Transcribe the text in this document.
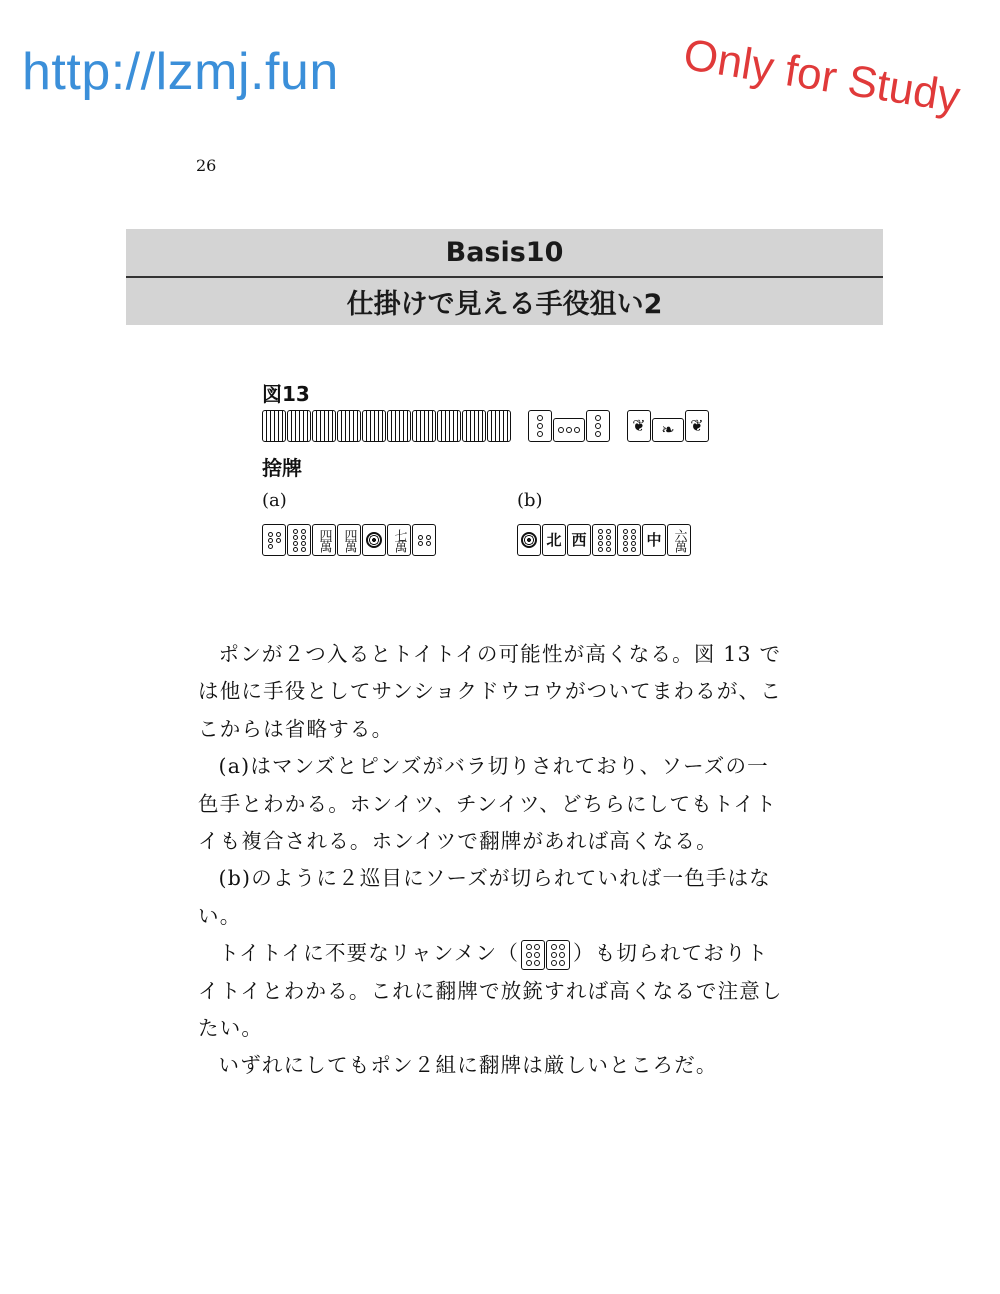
http://lzmj.fun	Only for Study
26
Basis10
仕掛けで見える手役狙い2
図13
❦ ❧ ❦
捨牌
(a)	(b)
四萬 四萬	七萬	北 西	中 六萬

ポンが２つ入るとトイトイの可能性が高くなる。図 13 では他に手役としてサンショクドウコウがついてまわるが、ここからは省略する。

(a)はマンズとピンズがバラ切りされており、ソーズの一色手とわかる。ホンイツ、チンイツ、どちらにしてもトイトイも複合される。ホンイツで翻牌があれば高くなる。

(b)のように２巡目にソーズが切られていれば一色手はない。

トイトイに不要なリャンメン（	）も切られておりトイトイとわかる。これに翻牌で放銃すれば高くなるで注意したい。

いずれにしてもポン２組に翻牌は厳しいところだ。
